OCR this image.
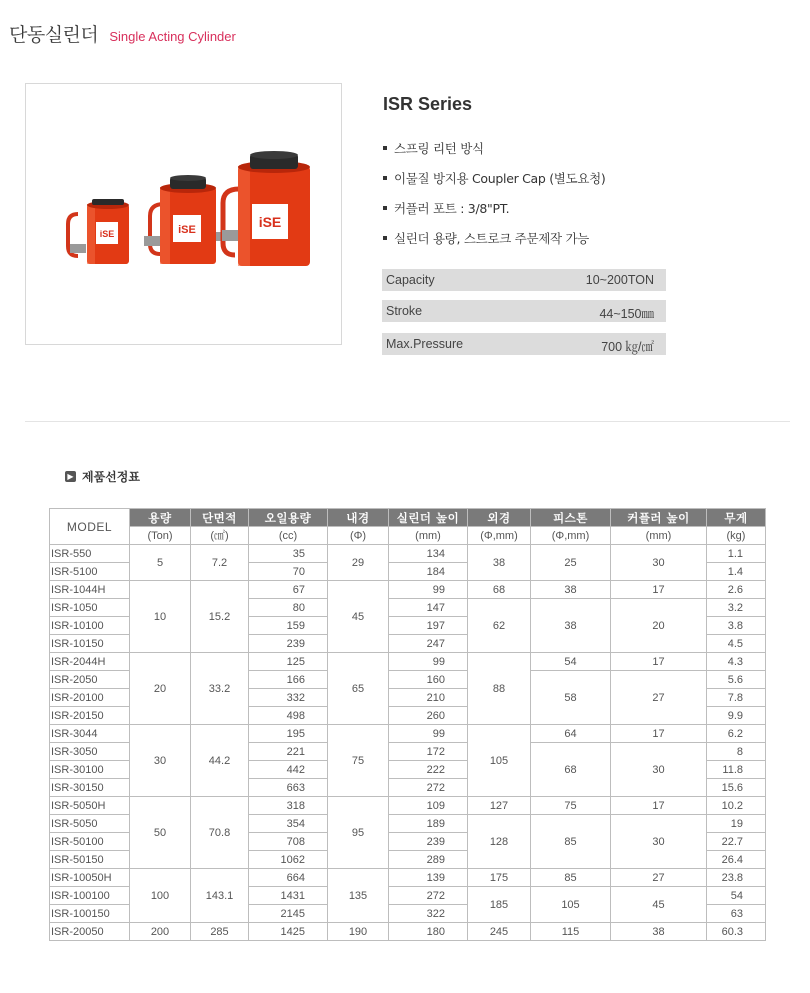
단동실린더 Single Acting Cylinder
iSE	iSE	iSE
ISR Series
스프링 리턴 방식
이물질 방지용 Coupler Cap (별도요청)
커플러 포트 : 3/8"PT.
실린더 용량, 스트로크 주문제작 가능
Capacity	10~200TON
Stroke	44~150㎜
Max.Pressure	700 ㎏/㎠
▶ 제품선정표
MODEL	용량	단면적	오일용량	내경	실린더 높이	외경	피스톤	커플러 높이	무게
	(Ton)	(㎠)	(cc)	(Φ)	(mm)	(Φ,mm)	(Φ,mm)	(mm)	(kg)
ISR-550	5	7.2	35	29	134	38	25	30	1.1
ISR-5100			70		184				1.4
ISR-1044H	10	15.2	67	45	99	68	38	17	2.6
ISR-1050			80		147	62	38	20	3.2
ISR-10100			159		197				3.8
ISR-10150			239		247				4.5
ISR-2044H	20	33.2	125	65	99	88	54	17	4.3
ISR-2050			166		160		58	27	5.6
ISR-20100			332		210				7.8
ISR-20150			498		260				9.9
ISR-3044	30	44.2	195	75	99	105	64	17	6.2
ISR-3050			221		172		68	30	8
ISR-30100			442		222				11.8
ISR-30150			663		272				15.6
ISR-5050H	50	70.8	318	95	109	127	75	17	10.2
ISR-5050			354		189	128	85	30	19
ISR-50100			708		239				22.7
ISR-50150			1062		289				26.4
ISR-10050H	100	143.1	664	135	139	175	85	27	23.8
ISR-100100			1431		272	185	105	45	54
ISR-100150			2145		322				63
ISR-20050	200	285	1425	190	180	245	115	38	60.3
